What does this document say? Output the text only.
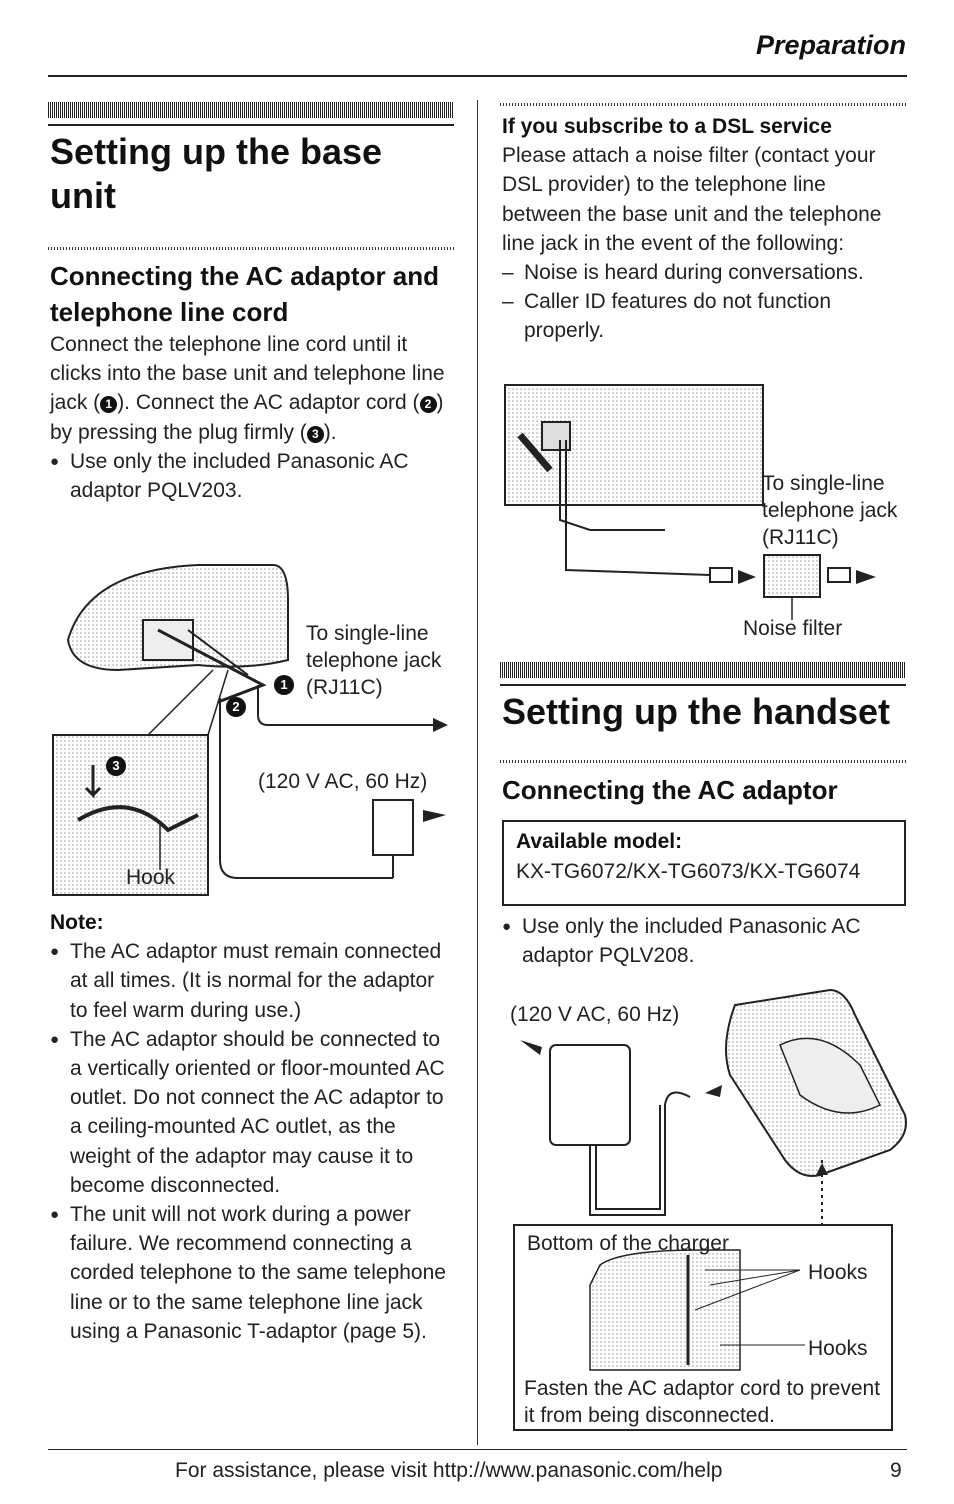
Preparation
Setting up the base unit
Connecting the AC adaptor and telephone line cord

Connect the telephone line cord until it clicks into the base unit and telephone line jack ( 1 ). Connect the AC adaptor cord ( 2 ) by pressing the plug firmly ( 3 ).

● Use only the included Panasonic AC adaptor PQLV203.

To single-line telephone jack (RJ11C)
(120 V AC, 60 Hz)
Hook
1
2
3

Note:

● The AC adaptor must remain connected at all times. (It is normal for the adaptor to feel warm during use.)

● The AC adaptor should be connected to a vertically oriented or floor-mounted AC outlet. Do not connect the AC adaptor to a ceiling-mounted AC outlet, as the weight of the adaptor may cause it to become disconnected.

● The unit will not work during a power failure. We recommend connecting a corded telephone to the same telephone line or to the same telephone line jack using a Panasonic T-adaptor (page 5).

If you subscribe to a DSL service

Please attach a noise filter (contact your DSL provider) to the telephone line between the base unit and the telephone line jack in the event of the following:

– Noise is heard during conversations.

– Caller ID features do not function properly.

To single-line telephone jack (RJ11C)
Noise filter
Setting up the handset
Connecting the AC adaptor
Available model:
KX-TG6072/KX-TG6073/KX-TG6074

● Use only the included Panasonic AC adaptor PQLV208.

(120 V AC, 60 Hz)
Bottom of the charger
Hooks
Hooks
Fasten the AC adaptor cord to prevent it from being disconnected.
For assistance, please visit http://www.panasonic.com/help	9
